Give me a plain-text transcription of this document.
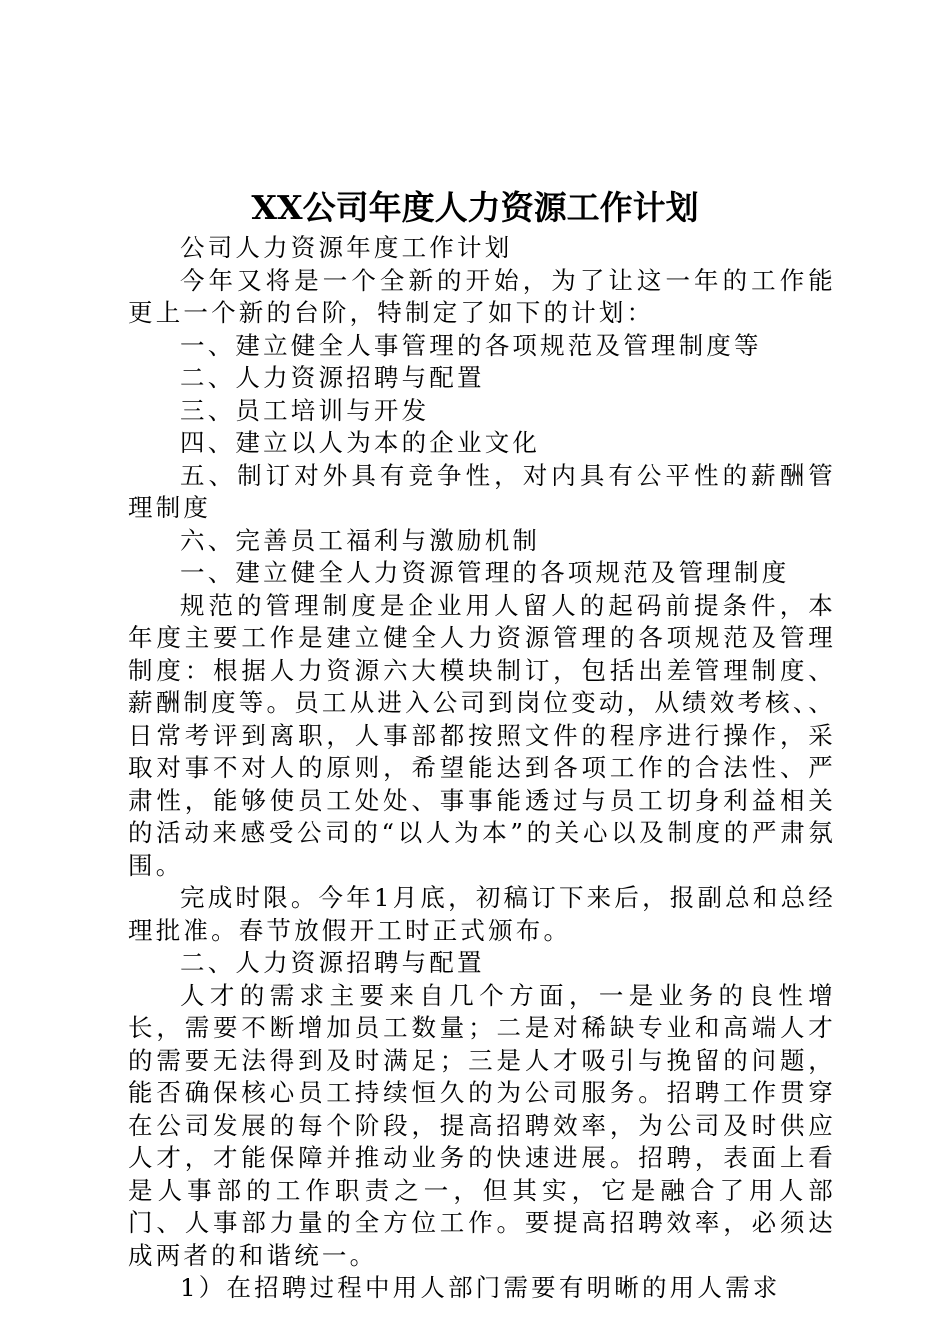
XX公司年度人力资源工作计划

公司人力资源年度工作计划

今年又将是一个全新的开始，为了让这一年的工作能更上一个新的台阶，特制定了如下的计划：

一、建立健全人事管理的各项规范及管理制度等

二、人力资源招聘与配置

三、员工培训与开发

四、建立以人为本的企业文化

五、制订对外具有竞争性，对内具有公平性的薪酬管理制度

六、完善员工福利与激励机制

一、建立健全人力资源管理的各项规范及管理制度

规范的管理制度是企业用人留人的起码前提条件，本年度主要工作是建立健全人力资源管理的各项规范及管理制度：根据人力资源六大模块制订，包括出差管理制度、薪酬制度等。员工从进入公司到岗位变动，从绩效考核、、日常考评到离职，人事部都按照文件的程序进行操作，采取对事不对人的原则，希望能达到各项工作的合法性、严肃性，能够使员工处处、事事能透过与员工切身利益相关的活动来感受公司的“以人为本”的关心以及制度的严肃氛围。

完成时限。今年1月底，初稿订下来后，报副总和总经理批准。春节放假开工时正式颁布。

二、人力资源招聘与配置

人才的需求主要来自几个方面，一是业务的良性增长，需要不断增加员工数量；二是对稀缺专业和高端人才的需要无法得到及时满足；三是人才吸引与挽留的问题，能否确保核心员工持续恒久的为公司服务。招聘工作贯穿在公司发展的每个阶段，提高招聘效率，为公司及时供应人才，才能保障并推动业务的快速进展。招聘，表面上看是人事部的工作职责之一，但其实，它是融合了用人部门、人事部力量的全方位工作。要提高招聘效率，必须达成两者的和谐统一。

1）在招聘过程中用人部门需要有明晰的用人需求
